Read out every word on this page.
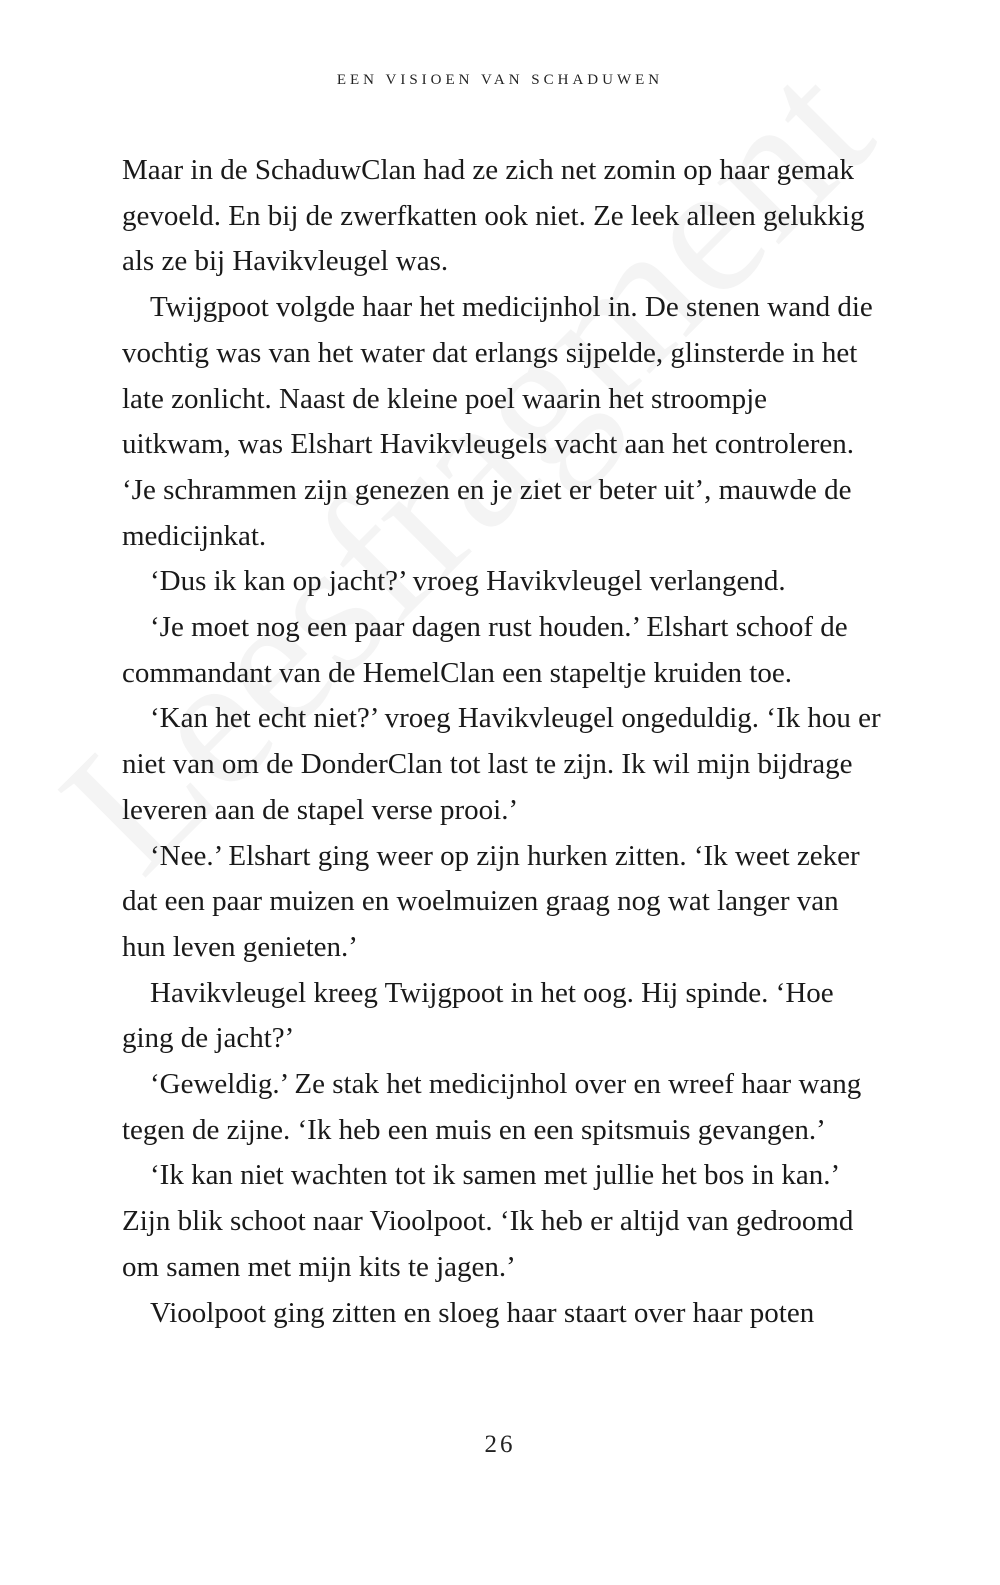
EEN VISIOEN VAN SCHADUWEN

Maar in de SchaduwClan had ze zich net zomin op haar gemak gevoeld. En bij de zwerfkatten ook niet. Ze leek alleen gelukkig als ze bij Havikvleugel was.

Twijgpoot volgde haar het medicijnhol in. De stenen wand die vochtig was van het water dat erlangs sijpelde, glinsterde in het late zonlicht. Naast de kleine poel waarin het stroompje uitkwam, was Elshart Havikvleugels vacht aan het controleren. ‘Je schrammen zijn genezen en je ziet er beter uit’, mauwde de medicijnkat.

‘Dus ik kan op jacht?’ vroeg Havikvleugel verlangend.

‘Je moet nog een paar dagen rust houden.’ Elshart schoof de commandant van de HemelClan een stapeltje kruiden toe.

‘Kan het echt niet?’ vroeg Havikvleugel ongeduldig. ‘Ik hou er niet van om de DonderClan tot last te zijn. Ik wil mijn bijdrage leveren aan de stapel verse prooi.’

‘Nee.’ Elshart ging weer op zijn hurken zitten. ‘Ik weet zeker dat een paar muizen en woelmuizen graag nog wat langer van hun leven genieten.’

Havikvleugel kreeg Twijgpoot in het oog. Hij spinde. ‘Hoe ging de jacht?’

‘Geweldig.’ Ze stak het medicijnhol over en wreef haar wang tegen de zijne. ‘Ik heb een muis en een spitsmuis gevangen.’

‘Ik kan niet wachten tot ik samen met jullie het bos in kan.’ Zijn blik schoot naar Vioolpoot. ‘Ik heb er altijd van gedroomd om samen met mijn kits te jagen.’

Vioolpoot ging zitten en sloeg haar staart over haar poten

26
